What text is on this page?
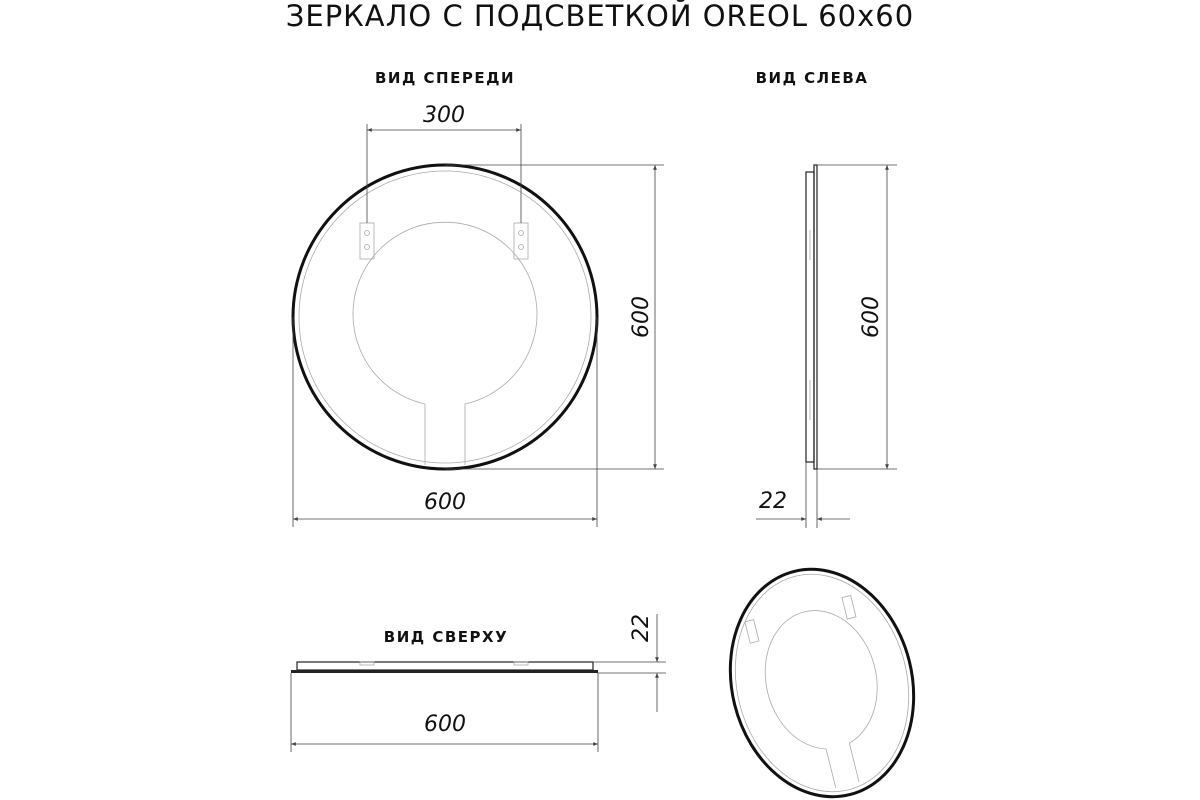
ЗЕРКАЛО С ПОДСВЕТКОЙ OREOL 60x60
ВИД СПЕРЕДИ	ВИД СЛЕВА
ВИД СВЕРХУ
300
600
600
600
22
22
600
